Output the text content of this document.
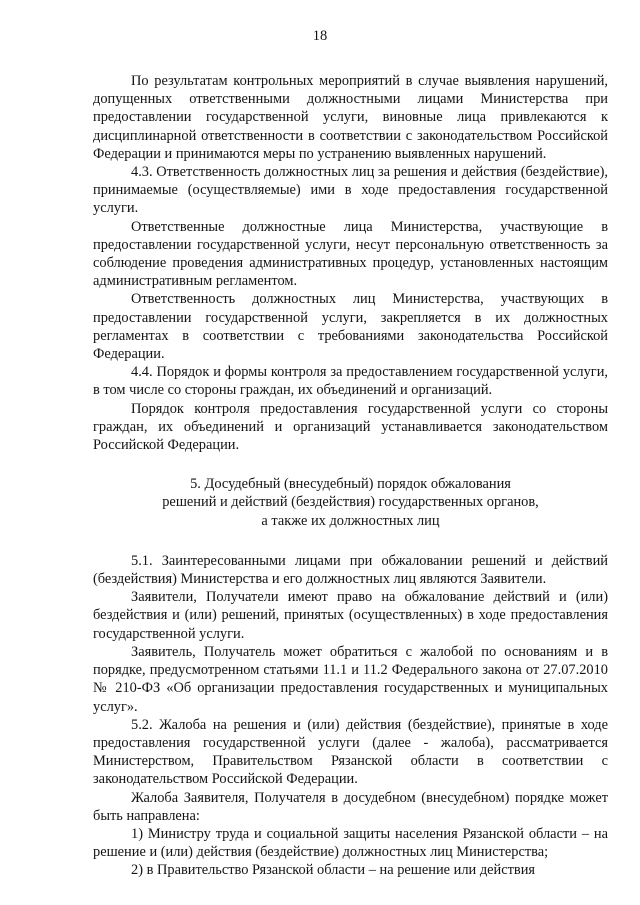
18

По результатам контрольных мероприятий в случае выявления нарушений, допущенных ответственными должностными лицами Министерства при предоставлении государственной услуги, виновные лица привлекаются к дисциплинарной ответственности в соответствии с законодательством Российской Федерации и принимаются меры по устранению выявленных нарушений.

4.3. Ответственность должностных лиц за решения и действия (бездействие), принимаемые (осуществляемые) ими в ходе предоставления государственной услуги.

Ответственные должностные лица Министерства, участвующие в предоставлении государственной услуги, несут персональную ответственность за соблюдение проведения административных процедур, установленных настоящим административным регламентом.

Ответственность должностных лиц Министерства, участвующих в предоставлении государственной услуги, закрепляется в их должностных регламентах в соответствии с требованиями законодательства Российской Федерации.

4.4. Порядок и формы контроля за предоставлением государственной услуги, в том числе со стороны граждан, их объединений и организаций.

Порядок контроля предоставления государственной услуги со стороны граждан, их объединений и организаций устанавливается законодательством Российской Федерации.

5. Досудебный (внесудебный) порядок обжалования
решений и действий (бездействия) государственных органов,
а также их должностных лиц

5.1. Заинтересованными лицами при обжаловании решений и действий (бездействия) Министерства и его должностных лиц являются Заявители.

Заявители, Получатели имеют право на обжалование действий и (или) бездействия и (или) решений, принятых (осуществленных) в ходе предоставления государственной услуги.

Заявитель, Получатель может обратиться с жалобой по основаниям и в порядке, предусмотренном статьями 11.1 и 11.2 Федерального закона от 27.07.2010 № 210-ФЗ «Об организации предоставления государственных и муниципальных услуг».

5.2. Жалоба на решения и (или) действия (бездействие), принятые в ходе предоставления государственной услуги (далее - жалоба), рассматривается Министерством, Правительством Рязанской области в соответствии с законодательством Российской Федерации.

Жалоба Заявителя, Получателя в досудебном (внесудебном) порядке может быть направлена:

1) Министру труда и социальной защиты населения Рязанской области – на решение и (или) действия (бездействие) должностных лиц Министерства;

2) в Правительство Рязанской области – на решение или действия
